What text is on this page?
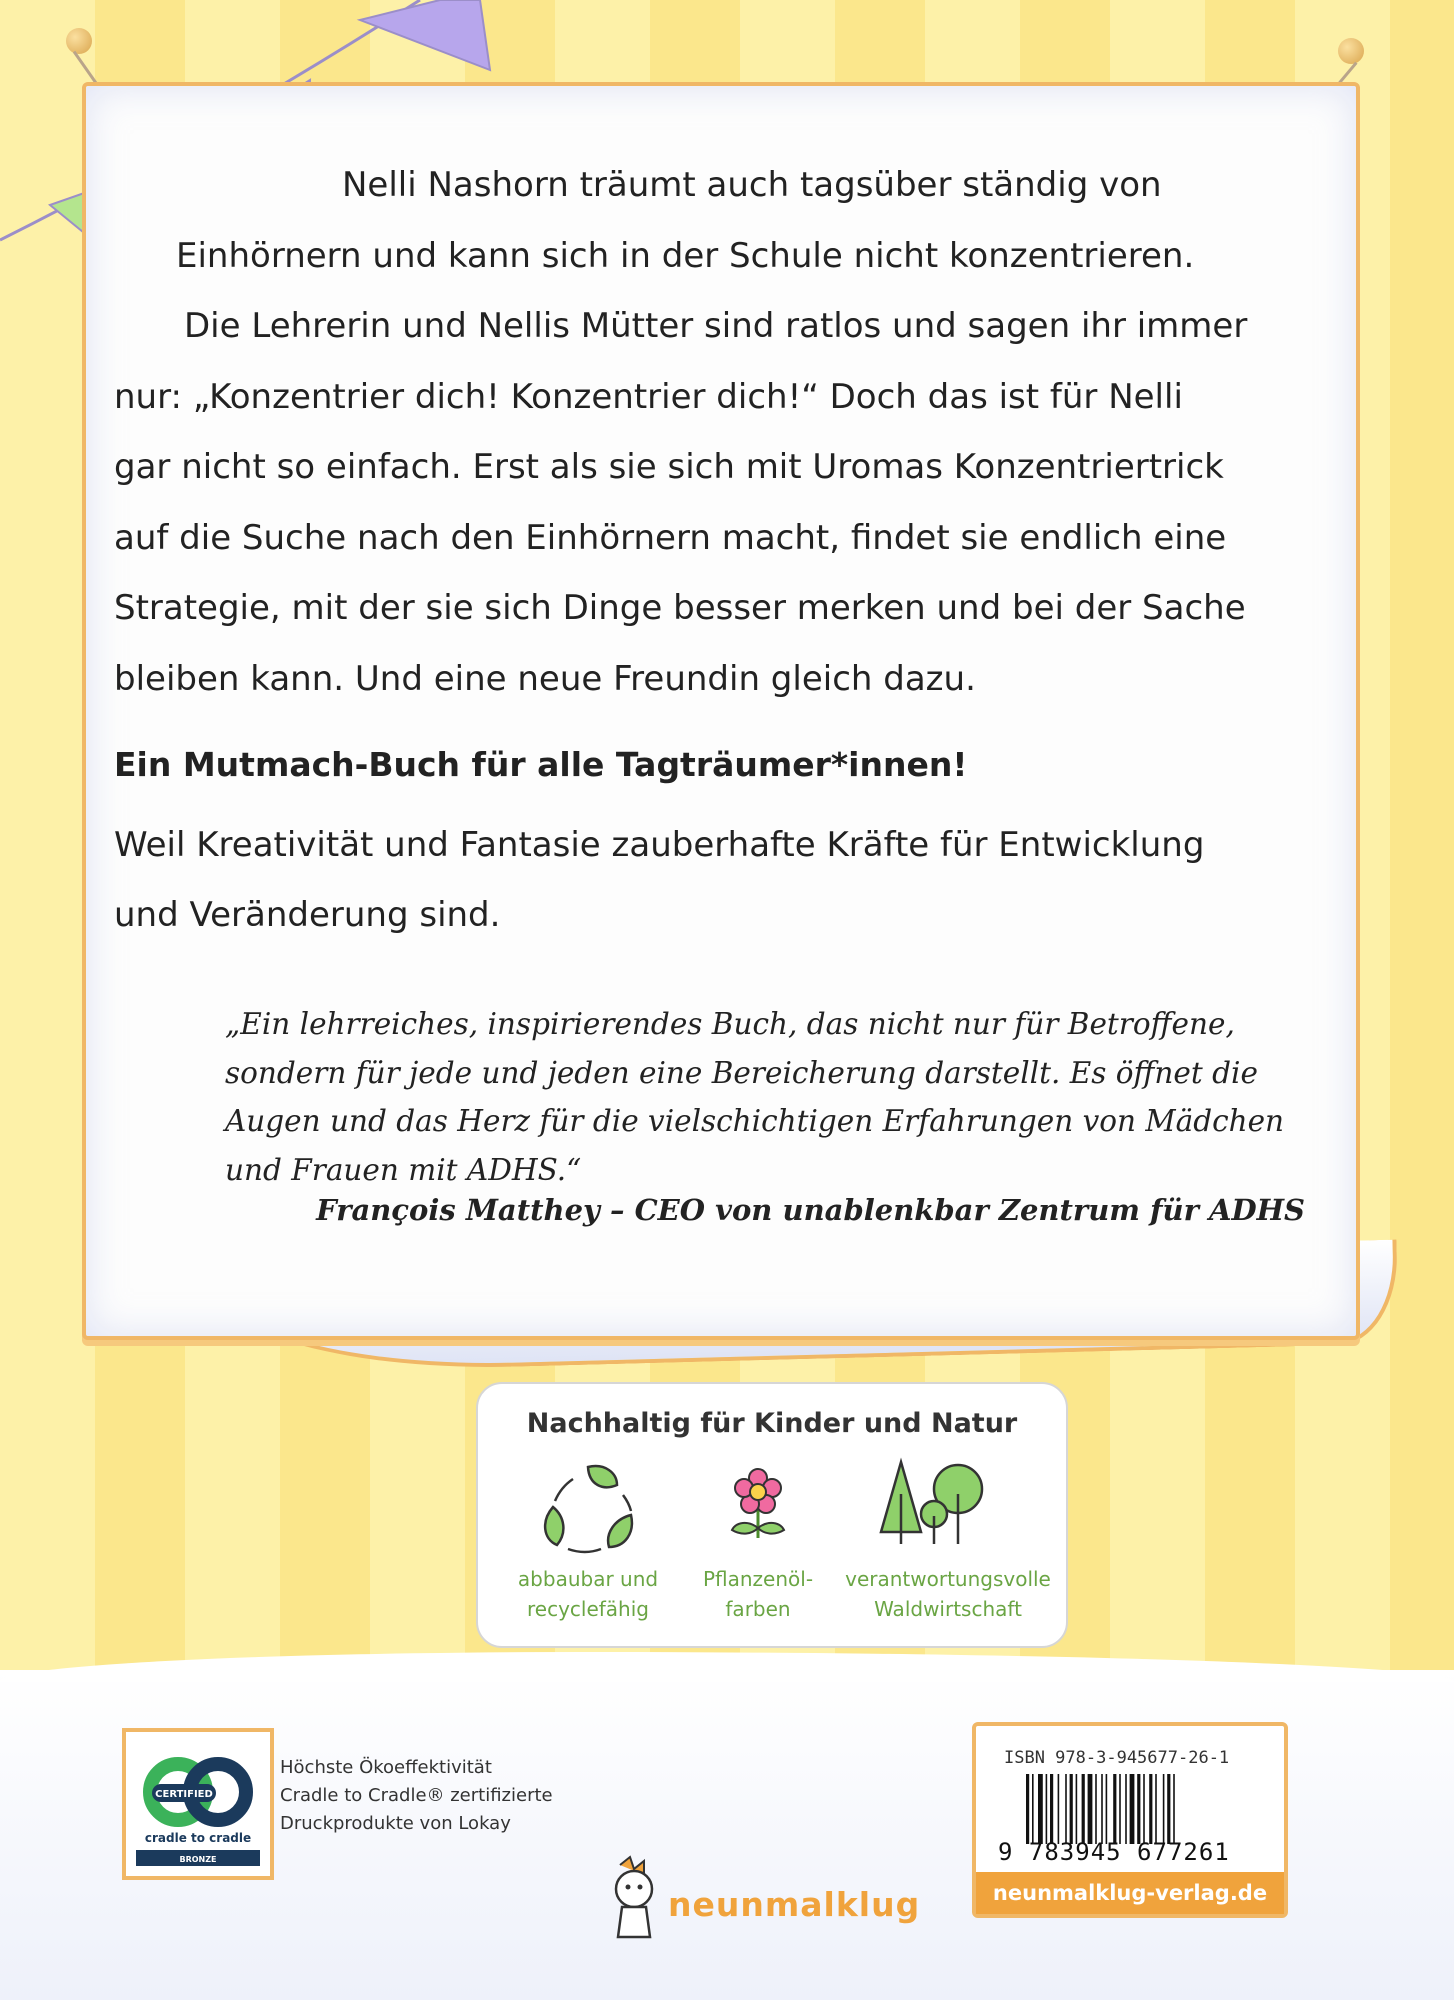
Nelli Nashorn träumt auch tagsüber ständig von

Einhörnern und kann sich in der Schule nicht konzentrieren.

Die Lehrerin und Nellis Mütter sind ratlos und sagen ihr immer

nur: „Konzentrier dich! Konzentrier dich!“ Doch das ist für Nelli

gar nicht so einfach. Erst als sie sich mit Uromas Konzentriertrick

auf die Suche nach den Einhörnern macht, findet sie endlich eine

Strategie, mit der sie sich Dinge besser merken und bei der Sache

bleiben kann. Und eine neue Freundin gleich dazu.

Ein Mutmach-Buch für alle Tagträumer*innen!
Weil Kreativität und Fantasie zauberhafte Kräfte für Entwicklung
und Veränderung sind.
„Ein lehrreiches, inspirierendes Buch, das nicht nur für Betroffene,
sondern für jede und jeden eine Bereicherung darstellt. Es öffnet die
Augen und das Herz für die vielschichtigen Erfahrungen von Mädchen
und Frauen mit ADHS.“
François Matthey – CEO von unablenkbar Zentrum für ADHS
Nachhaltig für Kinder und Natur
abbaubar und
recyclefähig
Pflanzenöl-
farben
verantwortungsvolle
Waldwirtschaft
CERTIFIED
cradle to cradle
BRONZE
Höchste Ökoeffektivität
Cradle to Cradle® zertifizierte
Druckprodukte von Lokay
ISBN 978-3-945677-26-1
9 783945 677261
neunmalklug-verlag.de
neunmalklug
